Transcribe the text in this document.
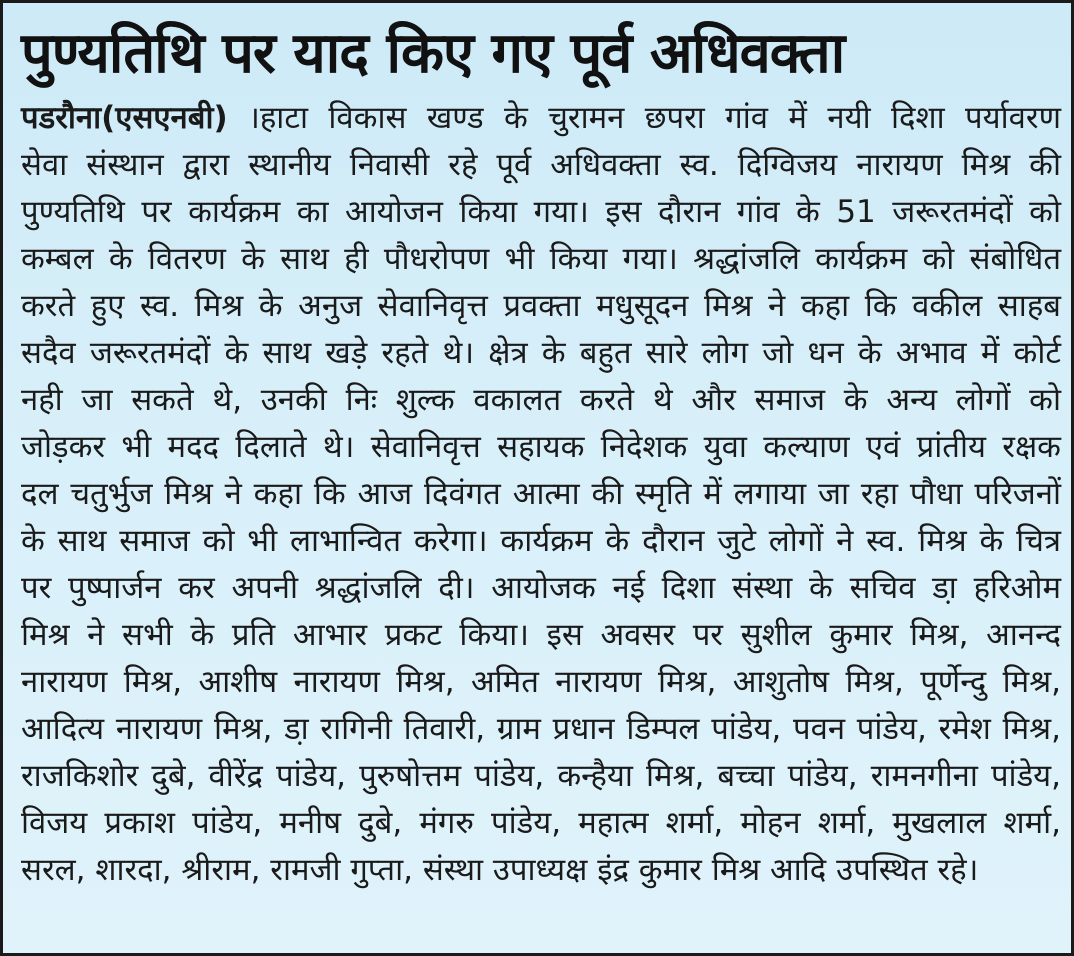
पुण्यतिथि पर याद किए गए पूर्व अधिवक्ता
पडरौना(एसएनबी) ।हाटा विकास खण्ड के चुरामन छपरा गांव में नयी दिशा पर्यावरण
सेवा संस्थान द्वारा स्थानीय निवासी रहे पूर्व अधिवक्ता स्व. दिग्विजय नारायण मिश्र की
पुण्यतिथि पर कार्यक्रम का आयोजन किया गया। इस दौरान गांव के 51 जरूरतमंदों को
कम्बल के वितरण के साथ ही पौधरोपण भी किया गया। श्रद्धांजलि कार्यक्रम को संबोधित
करते हुए स्व. मिश्र के अनुज सेवानिवृत्त प्रवक्ता मधुसूदन मिश्र ने कहा कि वकील साहब
सदैव जरूरतमंदों के साथ खड़े रहते थे। क्षेत्र के बहुत सारे लोग जो धन के अभाव में कोर्ट
नही जा सकते थे, उनकी निः शुल्क वकालत करते थे और समाज के अन्य लोगों को
जोड़कर भी मदद दिलाते थे। सेवानिवृत्त सहायक निदेशक युवा कल्याण एवं प्रांतीय रक्षक
दल चतुर्भुज मिश्र ने कहा कि आज दिवंगत आत्मा की स्मृति में लगाया जा रहा पौधा परिजनों
के साथ समाज को भी लाभान्वित करेगा। कार्यक्रम के दौरान जुटे लोगों ने स्व. मिश्र के चित्र
पर पुष्पार्जन कर अपनी श्रद्धांजलि दी। आयोजक नई दिशा संस्था के सचिव डा़ हरिओम
मिश्र ने सभी के प्रति आभार प्रकट किया। इस अवसर पर सुशील कुमार मिश्र, आनन्द
नारायण मिश्र, आशीष नारायण मिश्र, अमित नारायण मिश्र, आशुतोष मिश्र, पूर्णेन्दु मिश्र,
आदित्य नारायण मिश्र, डा़ रागिनी तिवारी, ग्राम प्रधान डिम्पल पांडेय, पवन पांडेय, रमेश मिश्र,
राजकिशोर दुबे, वीरेंद्र पांडेय, पुरुषोत्तम पांडेय, कन्हैया मिश्र, बच्चा पांडेय, रामनगीना पांडेय,
विजय प्रकाश पांडेय, मनीष दुबे, मंगरु पांडेय, महात्म शर्मा, मोहन शर्मा, मुखलाल शर्मा,
सरल, शारदा, श्रीराम, रामजी गुप्ता, संस्था उपाध्यक्ष इंद्र कुमार मिश्र आदि उपस्थित रहे।
